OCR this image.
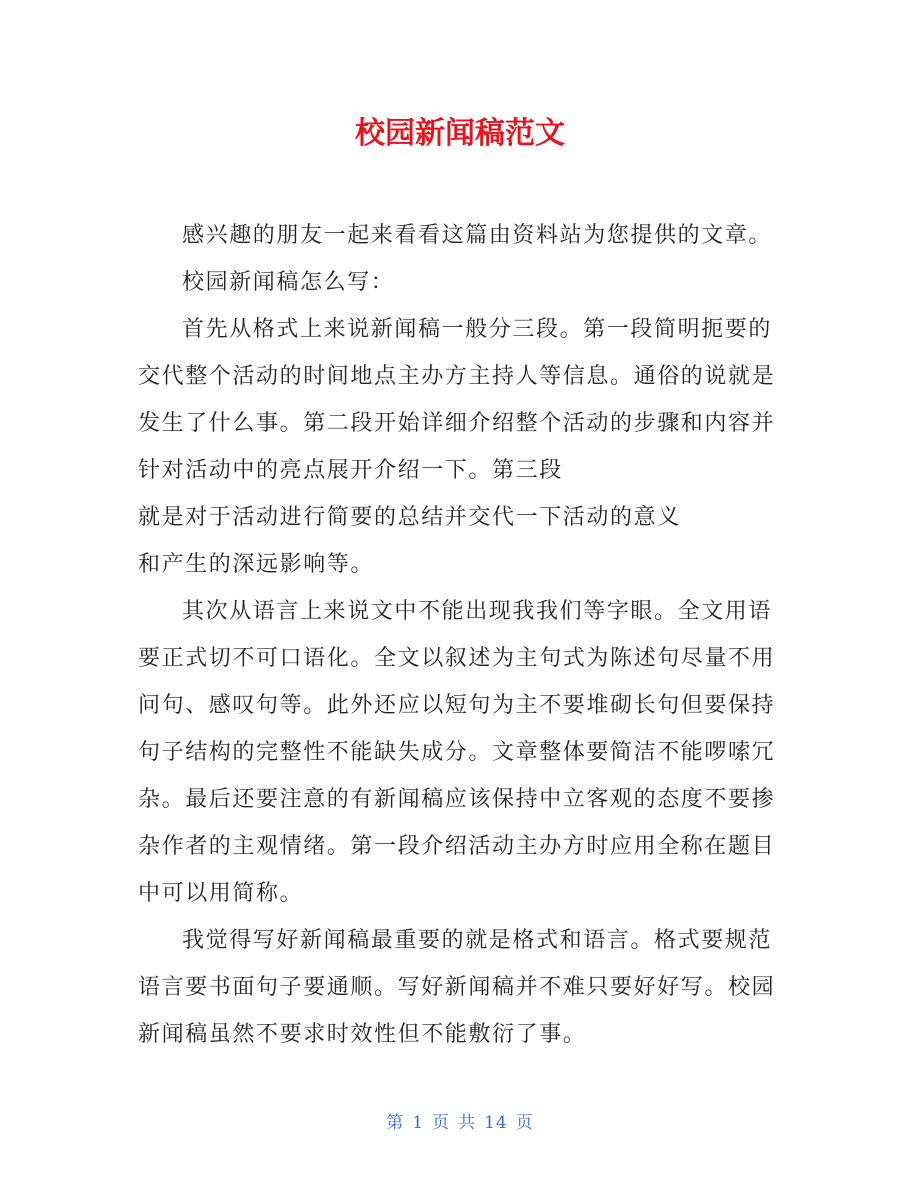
校园新闻稿范文
感兴趣的朋友一起来看看这篇由资料站为您提供的文章。
校园新闻稿怎么写：
首先从格式上来说新闻稿一般分三段。第一段简明扼要的
交代整个活动的时间地点主办方主持人等信息。通俗的说就是
发生了什么事。第二段开始详细介绍整个活动的步骤和内容并
针对活动中的亮点展开介绍一下。第三段
就是对于活动进行简要的总结并交代一下活动的意义
和产生的深远影响等。
其次从语言上来说文中不能出现我我们等字眼。全文用语
要正式切不可口语化。全文以叙述为主句式为陈述句尽量不用
问句、感叹句等。此外还应以短句为主不要堆砌长句但要保持
句子结构的完整性不能缺失成分。文章整体要简洁不能啰嗦冗
杂。最后还要注意的有新闻稿应该保持中立客观的态度不要掺
杂作者的主观情绪。第一段介绍活动主办方时应用全称在题目
中可以用简称。
我觉得写好新闻稿最重要的就是格式和语言。格式要规范
语言要书面句子要通顺。写好新闻稿并不难只要好好写。校园
新闻稿虽然不要求时效性但不能敷衍了事。
第 1 页 共 14 页
